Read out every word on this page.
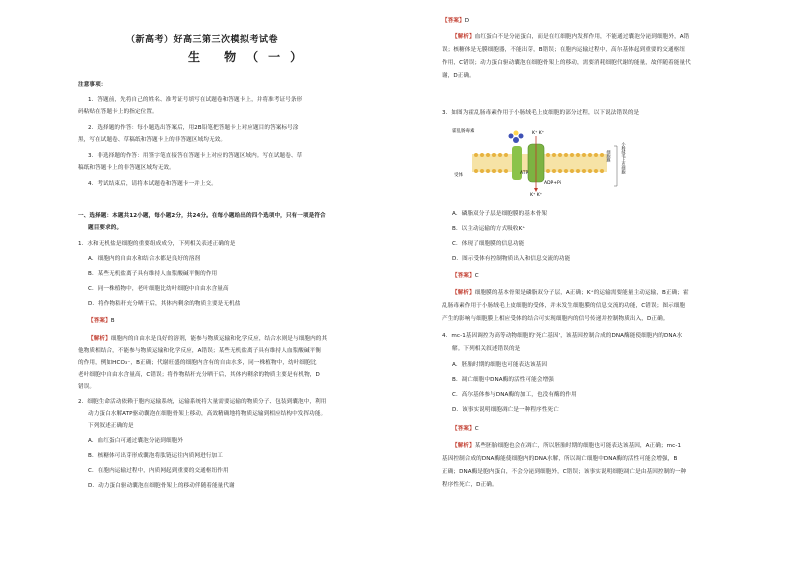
（新高考）好高三第三次模拟考试卷
生 物（一）
注意事项：
1．答题前，先将自己的姓名、准考证号填写在试题卷和答题卡上，并将准考证号条形
码粘贴在答题卡上的指定位置。
2．选择题的作答：每小题选出答案后，用2B铅笔把答题卡上对应题目的答案标号涂
黑，写在试题卷、草稿纸和答题卡上的非答题区域均无效。
3．非选择题的作答：用签字笔直接答在答题卡上对应的答题区域内。写在试题卷、草
稿纸和答题卡上的非答题区域均无效。
4．考试结束后，请将本试题卷和答题卡一并上交。
一、选择题：本题共12小题，每小题2分，共24分。在每小题给出的四个选项中，只有一项是符合
题目要求的。
1．水和无机盐是细胞的重要组成成分，下列相关表述正确的是
A．细胞内的自由水和结合水都是良好的溶剂
B．某些无机盐离子具有维持人血浆酸碱平衡的作用
C．同一株植物中，老叶细胞比幼叶细胞中自由水含量高
D．将作物秸秆充分晒干后，其体内剩余的物质主要是无机盐
【答案】B
【解析】细胞内的自由水是良好的溶剂，能参与物质运输和化学反应，结合水则是与细胞内的其
他物质相结合，不能参与物质运输和化学反应，A错误；某些无机盐离子具有维持人血浆酸碱平衡
的作用，例如HCO₃⁻，B正确；代谢旺盛的细胞内含有的自由水多，同一株植物中，幼叶细胞比
老叶细胞中自由水含量高，C错误；将作物秸秆充分晒干后，其体内剩余的物质主要是有机物，D
错误。
2．细胞生命活动依赖于胞内运输系统，运输系统将大量需要运输的物质分子、包装到囊泡中，利用
动力蛋白水解ATP驱动囊泡在细胞骨架上移动，高效精确地将物质运输到相应结构中发挥功能。
下列叙述正确的是
A．血红蛋白可通过囊泡分泌到细胞外
B．核糖体可出芽形成囊泡将肽链运往内质网进行加工
C．在胞内运输过程中，内质网起到重要的交通枢纽作用
D．动力蛋白驱动囊泡在细胞骨架上的移动伴随着能量代谢
【答案】D
【解析】血红蛋白不是分泌蛋白，而是在红细胞内发挥作用，不能通过囊泡分泌到细胞外，A错
误；核糖体是无膜细胞器，不能出芽，B错误；在胞内运输过程中，高尔基体起到重要的交通枢纽
作用，C错误；动力蛋白驱动囊泡在细胞骨架上的移动，需要消耗细胞代谢的能量，故伴随着能量代
谢，D正确。
3．如图为霍乱肠毒素作用于小肠绒毛上皮细胞的部分过程，以下说法错误的是
霍乱肠毒素
受体	ATP
ADP+Pi
K⁺ K⁺
K⁺ K⁺
细胞膜	小肠绒毛上皮细胞
A．磷脂双分子层是细胞膜的基本骨架
B．以主动运输的方式吸收K⁺
C．体现了细胞膜的信息功能
D．图示受体有控制物质出入和信息交流的功能
【答案】C
【解析】细胞膜的基本骨架是磷脂双分子层，A正确；K⁺的运输需要能量主动运输，B正确；霍
乱肠毒素作用于小肠绒毛上皮细胞的受体，并未发生细胞膜的信息交流的功能，C错误；图示细胞
产生的影响与细胞膜上相应受体的结合可实现细胞内的信号传递并控制物质出入，D正确。
4．mc-1基因调控为高等动物细胞的'死亡基因'，该基因控制合成的DNA酶能使细胞内的DNA水
解。下列相关叙述错误的是
A．胚胎时期的细胞也可能表达该基因
B．凋亡细胞中DNA酶的活性可能会增强
C．高尔基体参与DNA酶的加工，也没有酶的作用
D．该事实说明细胞凋亡是一种程序性死亡
【答案】C
【解析】某些胚胎细胞也会在凋亡，所以胚胎时期的细胞也可能表达该基因，A正确；mc-1
基因控制合成的DNA酶能使细胞内的DNA水解，所以凋亡细胞中DNA酶的活性可能会增强，B
正确；DNA酶是胞内蛋白，不会分泌到细胞外，C错误；该事实说明细胞凋亡是由基因控制的一种
程序性死亡，D正确。
